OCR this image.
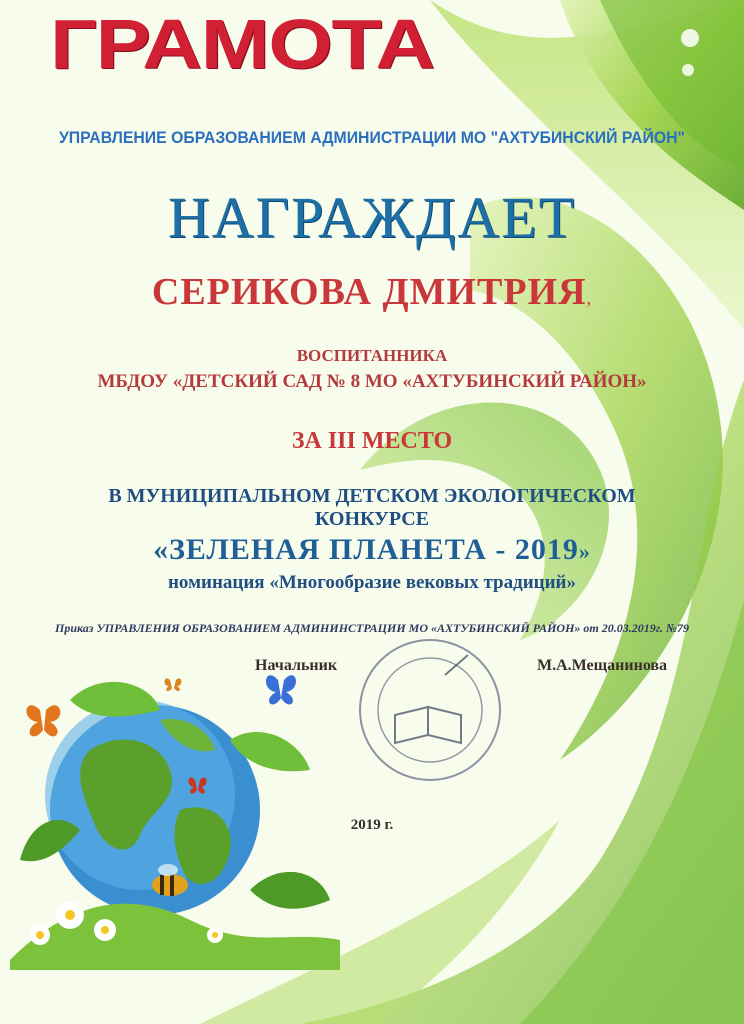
ГРАМОТА

УПРАВЛЕНИЕ ОБРАЗОВАНИЕМ АДМИНИСТРАЦИИ МО "АХТУБИНСКИЙ РАЙОН"

НАГРАЖДАЕТ

СЕРИКОВА ДМИТРИЯ,

ВОСПИТАННИКА

МБДОУ «ДЕТСКИЙ САД № 8 МО «АХТУБИНСКИЙ РАЙОН»

ЗА III МЕСТО

В МУНИЦИПАЛЬНОМ ДЕТСКОМ ЭКОЛОГИЧЕСКОМ

КОНКУРСЕ

«ЗЕЛЕНАЯ ПЛАНЕТА - 2019»

номинация «Многообразие вековых традиций»

Приказ УПРАВЛЕНИЯ ОБРАЗОВАНИЕМ АДМИНИНСТРАЦИИ МО «АХТУБИНСКИЙ РАЙОН» от 20.03.2019г. №79

Начальник	М.А.Мещанинова

2019 г.
